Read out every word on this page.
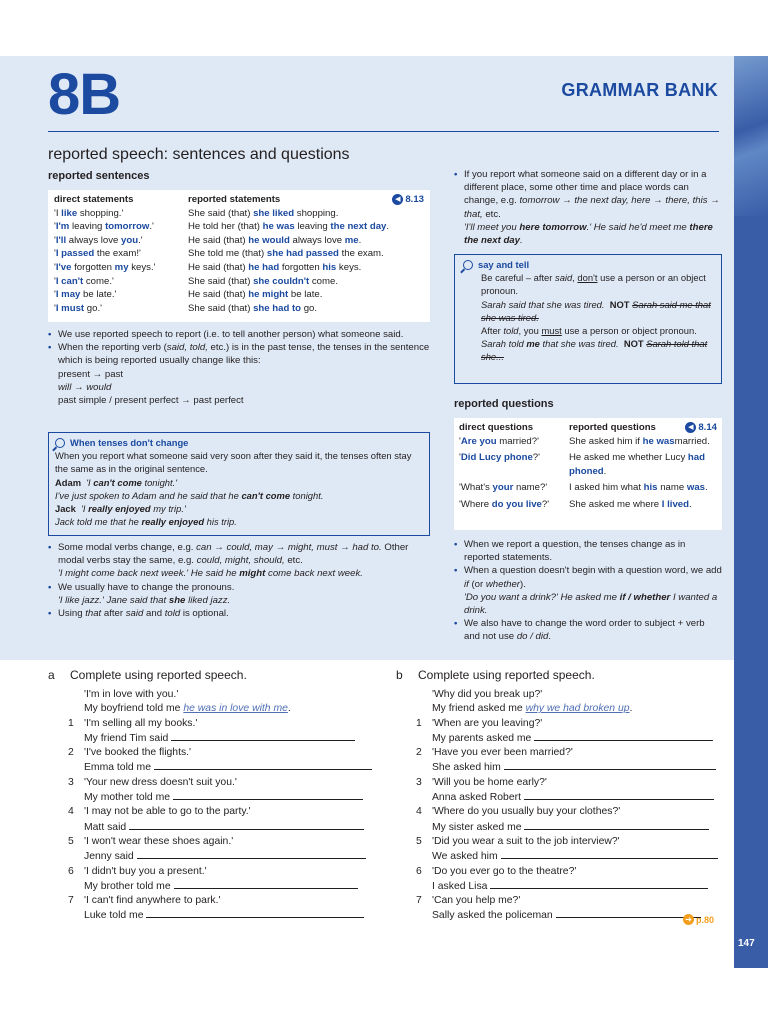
147
8B	GRAMMAR BANK
reported speech: sentences and questions
reported sentences
direct statements	reported statements	◀ 8.13
'I like shopping.'	She said (that) she liked shopping.
'I'm leaving tomorrow.'	He told her (that) he was leaving the next day.
'I'll always love you.'	He said (that) he would always love me.
'I passed the exam!'	She told me (that) she had passed the exam.
'I've forgotten my keys.'	He said (that) he had forgotten his keys.
'I can't come.'	She said (that) she couldn't come.
'I may be late.'	He said (that) he might be late.
'I must go.'	She said (that) she had to go.
• We use reported speech to report (i.e. to tell another person) what someone said.
• When the reporting verb (said, told, etc.) is in the past tense, the tenses in the sentence which is being reported usually change like this:
present → past
will → would
past simple / present perfect → past perfect
When tenses don't change
When you report what someone said very soon after they said it, the tenses often stay the same as in the original sentence.
Adam 'I can't come tonight.'
I've just spoken to Adam and he said that he can't come tonight.
Jack 'I really enjoyed my trip.'
Jack told me that he really enjoyed his trip.
• Some modal verbs change, e.g. can → could, may → might, must → had to. Other modal verbs stay the same, e.g. could, might, should, etc.
'I might come back next week.' He said he might come back next week.
• We usually have to change the pronouns.
'I like jazz.' Jane said that she liked jazz.
• Using that after said and told is optional.
• If you report what someone said on a different day or in a different place, some other time and place words can change, e.g. tomorrow → the next day, here → there, this → that, etc.
'I'll meet you here tomorrow.' He said he'd meet me there the next day.
say and tell
Be careful – after said, don't use a person or an object pronoun.
Sarah said that she was tired. NOT Sarah said me that she was tired.
After told, you must use a person or object pronoun.
Sarah told me that she was tired. NOT Sarah told that she...
reported questions
direct questions	reported questions	◀ 8.14
'Are you married?'	She asked him if he wasmarried.
'Did Lucy phone?'	He asked me whether Lucy had phoned.
'What's your name?'	I asked him what his name was.
'Where do you live?'	She asked me where I lived.
• When we report a question, the tenses change as in reported statements.
• When a question doesn't begin with a question word, we add if (or whether).
'Do you want a drink?' He asked me if / whether I wanted a drink.
• We also have to change the word order to subject + verb and not use do / did.
a Complete using reported speech.
'I'm in love with you.'
My boyfriend told me he was in love with me.
1 'I'm selling all my books.'
My friend Tim said
2 'I've booked the flights.'
Emma told me
3 'Your new dress doesn't suit you.'
My mother told me
4 'I may not be able to go to the party.'
Matt said
5 'I won't wear these shoes again.'
Jenny said
6 'I didn't buy you a present.'
My brother told me
7 'I can't find anywhere to park.'
Luke told me
b Complete using reported speech.
'Why did you break up?'
My friend asked me why we had broken up.
1 'When are you leaving?'
My parents asked me
2 'Have you ever been married?'
She asked him
3 'Will you be home early?'
Anna asked Robert
4 'Where do you usually buy your clothes?'
My sister asked me
5 'Did you wear a suit to the job interview?'
We asked him
6 'Do you ever go to the theatre?'
I asked Lisa
7 'Can you help me?'
Sally asked the policeman	➜ p.80
